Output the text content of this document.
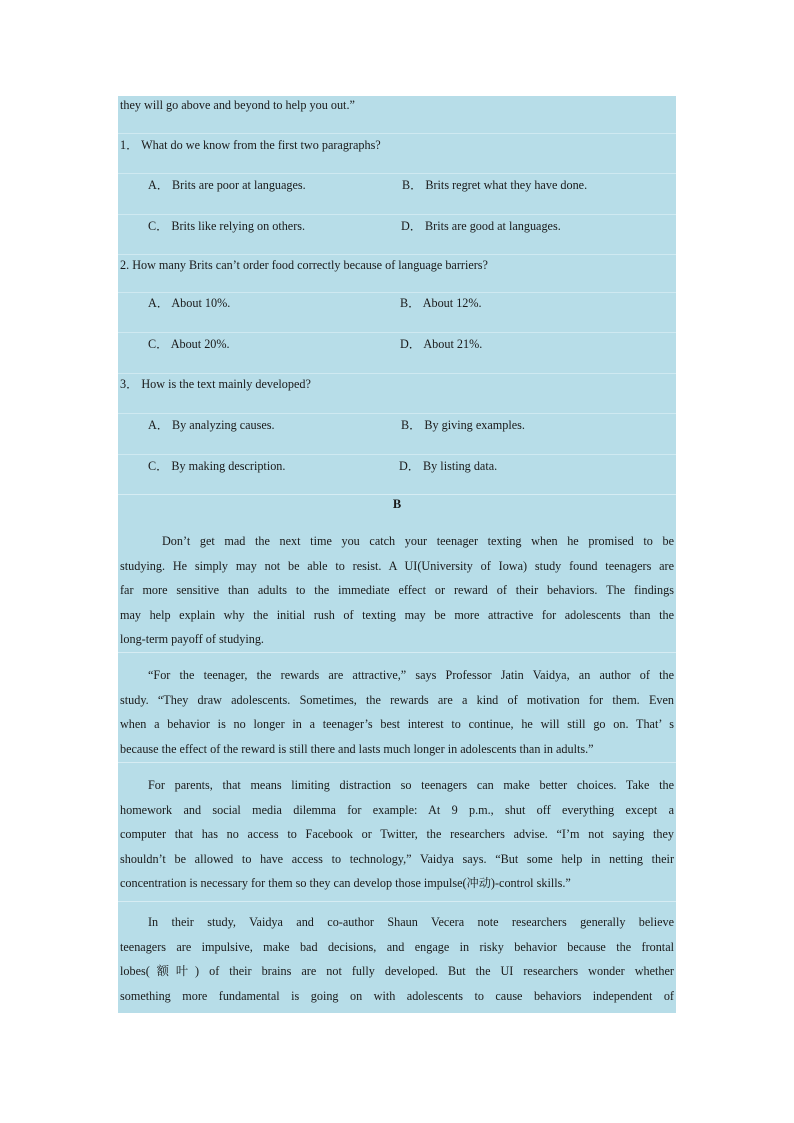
they will go above and beyond to help you out.”
1． What do we know from the first two paragraphs?
A． Brits are poor at languages.	B． Brits regret what they have done.
C． Brits like relying on others.	D． Brits are good at languages.
2. How many Brits can’t order food correctly because of language barriers?
A． About 10%.	B． About 12%.
C． About 20%.	D． About 21%.
3． How is the text mainly developed?
A． By analyzing causes.	B． By giving examples.
C． By making description.	D． By listing data.
B
Don’t get mad the next time you catch your teenager texting when he promised to be
studying. He simply may not be able to resist. A UI(University of Iowa) study found teenagers are
far more sensitive than adults to the immediate effect or reward of their behaviors. The findings
may help explain why the initial rush of texting may be more attractive for adolescents than the
long-term payoff of studying.
“For the teenager, the rewards are attractive,” says Professor Jatin Vaidya, an author of the
study. “They draw adolescents. Sometimes, the rewards are a kind of motivation for them. Even
when a behavior is no longer in a teenager’s best interest to continue, he will still go on. That’ s
because the effect of the reward is still there and lasts much longer in adolescents than in adults.”
For parents, that means limiting distraction so teenagers can make better choices. Take the
homework and social media dilemma for example: At 9 p.m., shut off everything except a
computer that has no access to Facebook or Twitter, the researchers advise. “I’m not saying they
shouldn’t be allowed to have access to technology,” Vaidya says. “But some help in netting their
concentration is necessary for them so they can develop those impulse(冲动)-control skills.”
In their study, Vaidya and co-author Shaun Vecera note researchers generally believe
teenagers are impulsive, make bad decisions, and engage in risky behavior because the frontal
lobes(额叶) of their brains are not fully developed. But the UI researchers wonder whether
something more fundamental is going on with adolescents to cause behaviors independent of
